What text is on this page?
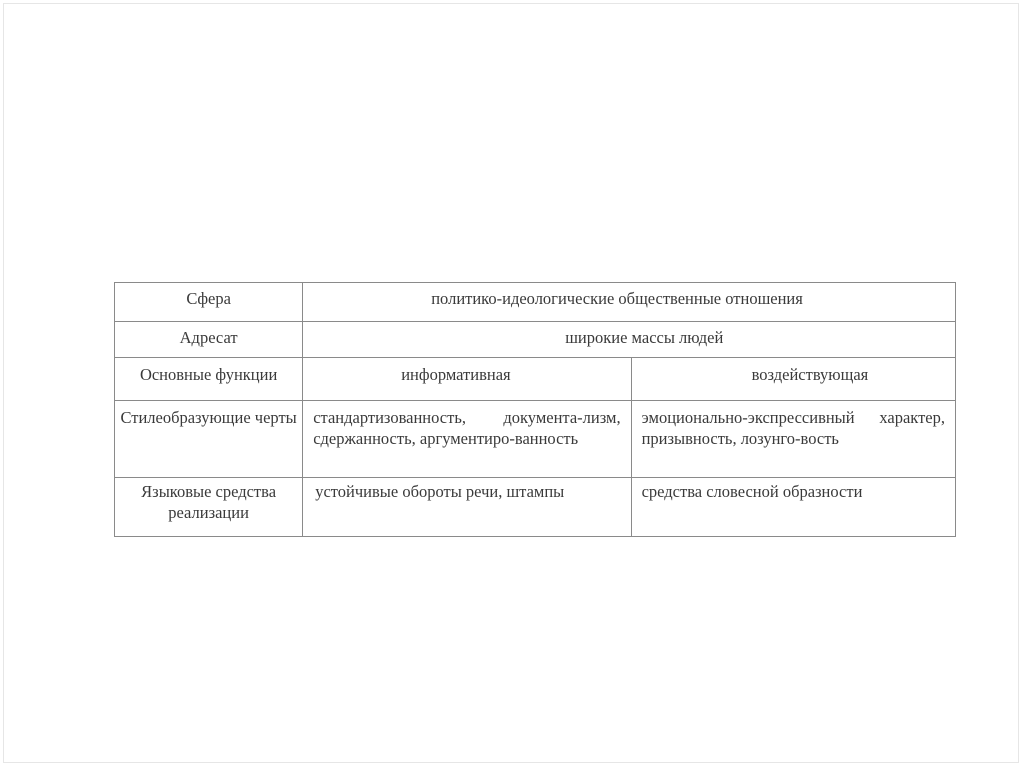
Сфера	политико-идеологические общественные отношения	
Адресат	широкие массы людей	
Основные функции	информативная	воздействующая
Стилеобразующие черты	стандартизованность, документа-лизм, сдержанность, аргументиро-ванность	эмоционально-экспрессивный характер, призывность, лозунго-вость
Языковые средства реализации	устойчивые обороты речи, штампы	средства словесной образности
